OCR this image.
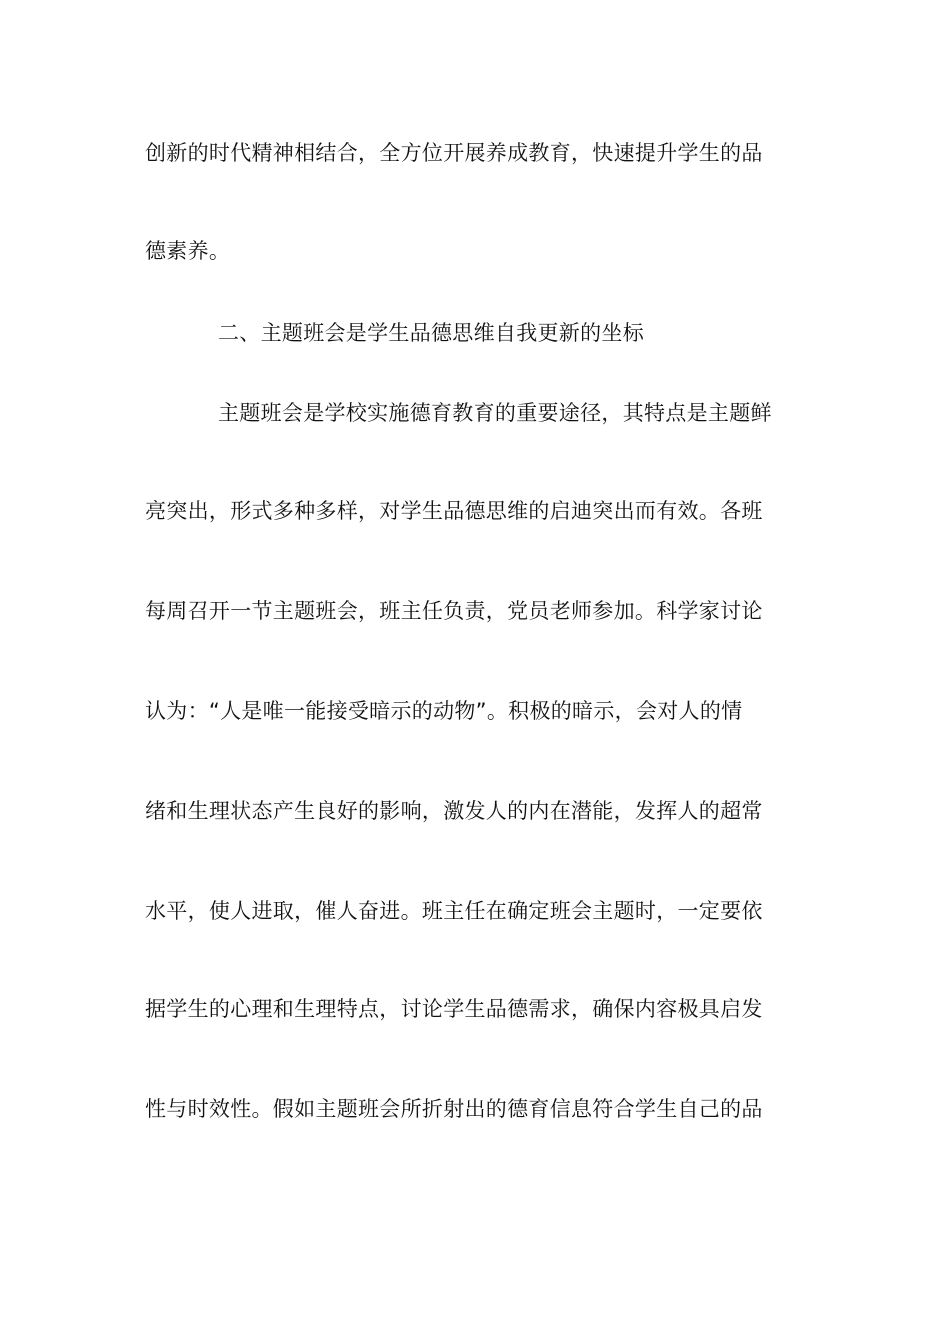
创新的时代精神相结合，全方位开展养成教育，快速提升学生的品
德素养。
二、主题班会是学生品德思维自我更新的坐标
主题班会是学校实施德育教育的重要途径，其特点是主题鲜
亮突出，形式多种多样，对学生品德思维的启迪突出而有效。各班
每周召开一节主题班会，班主任负责，党员老师参加。科学家讨论
认为：“人是唯一能接受暗示的动物”。积极的暗示，会对人的情
绪和生理状态产生良好的影响，激发人的内在潜能，发挥人的超常
水平，使人进取，催人奋进。班主任在确定班会主题时，一定要依
据学生的心理和生理特点，讨论学生品德需求，确保内容极具启发
性与时效性。假如主题班会所折射出的德育信息符合学生自己的品
